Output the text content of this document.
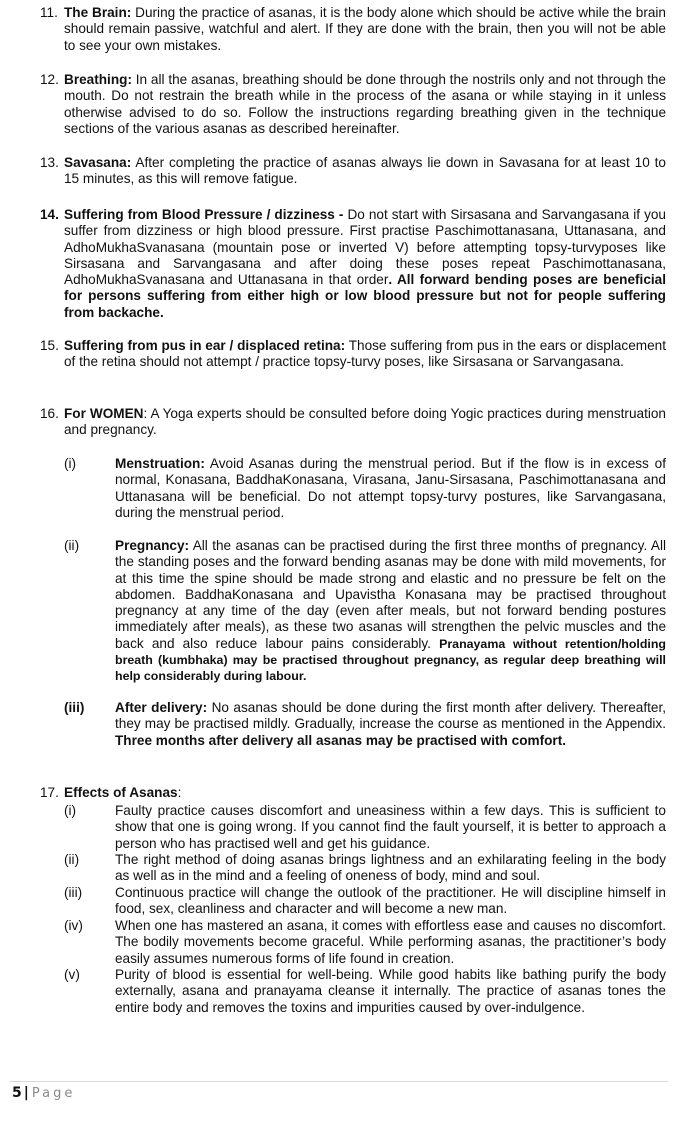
11. The Brain: During the practice of asanas, it is the body alone which should be active while the brain should remain passive, watchful and alert. If they are done with the brain, then you will not be able to see your own mistakes.
12. Breathing: In all the asanas, breathing should be done through the nostrils only and not through the mouth. Do not restrain the breath while in the process of the asana or while staying in it unless otherwise advised to do so. Follow the instructions regarding breathing given in the technique sections of the various asanas as described hereinafter.
13. Savasana: After completing the practice of asanas always lie down in Savasana for at least 10 to 15 minutes, as this will remove fatigue.
14. Suffering from Blood Pressure / dizziness - Do not start with Sirsasana and Sarvangasana if you suffer from dizziness or high blood pressure. First practise Paschimottanasana, Uttanasana, and AdhoMukhaSvanasana (mountain pose or inverted V) before attempting topsy-turvyposes like Sirsasana and Sarvangasana and after doing these poses repeat Paschimottanasana, AdhoMukhaSvanasana and Uttanasana in that order. All forward bending poses are beneficial for persons suffering from either high or low blood pressure but not for people suffering from backache.
15. Suffering from pus in ear / displaced retina: Those suffering from pus in the ears or displacement of the retina should not attempt / practice topsy-turvy poses, like Sirsasana or Sarvangasana.
16. For WOMEN: A Yoga experts should be consulted before doing Yogic practices during menstruation and pregnancy.
(i)	Menstruation: Avoid Asanas during the menstrual period. But if the flow is in excess of normal, Konasana, BaddhaKonasana, Virasana, Janu-Sirsasana, Paschimottanasana and Uttanasana will be beneficial. Do not attempt topsy-turvy postures, like Sarvangasana, during the menstrual period.
(ii)	Pregnancy: All the asanas can be practised during the first three months of pregnancy. All the standing poses and the forward bending asanas may be done with mild movements, for at this time the spine should be made strong and elastic and no pressure be felt on the abdomen. BaddhaKonasana and Upavistha Konasana may be practised throughout pregnancy at any time of the day (even after meals, but not forward bending postures immediately after meals), as these two asanas will strengthen the pelvic muscles and the back and also reduce labour pains considerably. Pranayama without retention/holding breath (kumbhaka) may be practised throughout pregnancy, as regular deep breathing will help considerably during labour.
(iii) After delivery: No asanas should be done during the first month after delivery. Thereafter, they may be practised mildly. Gradually, increase the course as mentioned in the Appendix. Three months after delivery all asanas may be practised with comfort.
17. Effects of Asanas:
(i)	Faulty practice causes discomfort and uneasiness within a few days. This is sufficient to show that one is going wrong. If you cannot find the fault yourself, it is better to approach a person who has practised well and get his guidance.
(ii)	The right method of doing asanas brings lightness and an exhilarating feeling in the body as well as in the mind and a feeling of oneness of body, mind and soul.
(iii) Continuous practice will change the outlook of the practitioner. He will discipline himself in food, sex, cleanliness and character and will become a new man.
(iv) When one has mastered an asana, it comes with effortless ease and causes no discomfort. The bodily movements become graceful. While performing asanas, the practitioner’s body easily assumes numerous forms of life found in creation.
(v)	Purity of blood is essential for well-being. While good habits like bathing purify the body externally, asana and pranayama cleanse it internally. The practice of asanas tones the entire body and removes the toxins and impurities caused by over-indulgence.
5 | Page
